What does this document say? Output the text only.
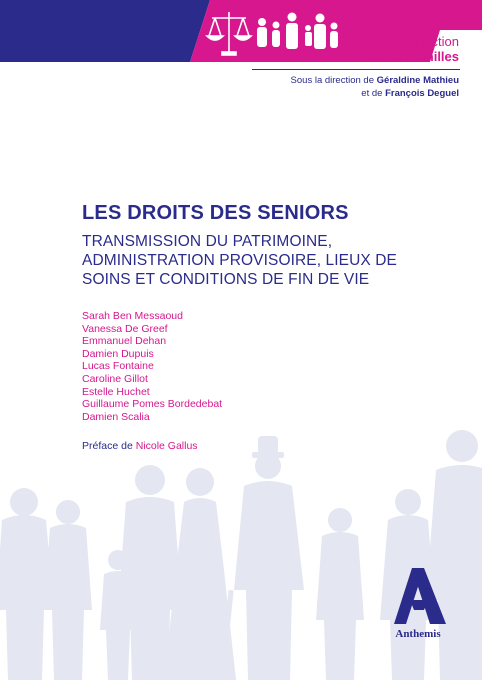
Collection
Droit et Familles
Sous la direction de Géraldine Mathieu
et de François Deguel
LES DROITS DES SENIORS
TRANSMISSION DU PATRIMOINE,
ADMINISTRATION PROVISOIRE, LIEUX DE
SOINS ET CONDITIONS DE FIN DE VIE
Sarah Ben Messaoud
Vanessa De Greef
Emmanuel Dehan
Damien Dupuis
Lucas Fontaine
Caroline Gillot
Estelle Huchet
Guillaume Pomes Bordedebat
Damien Scalia
Préface de Nicole Gallus
Anthemis
